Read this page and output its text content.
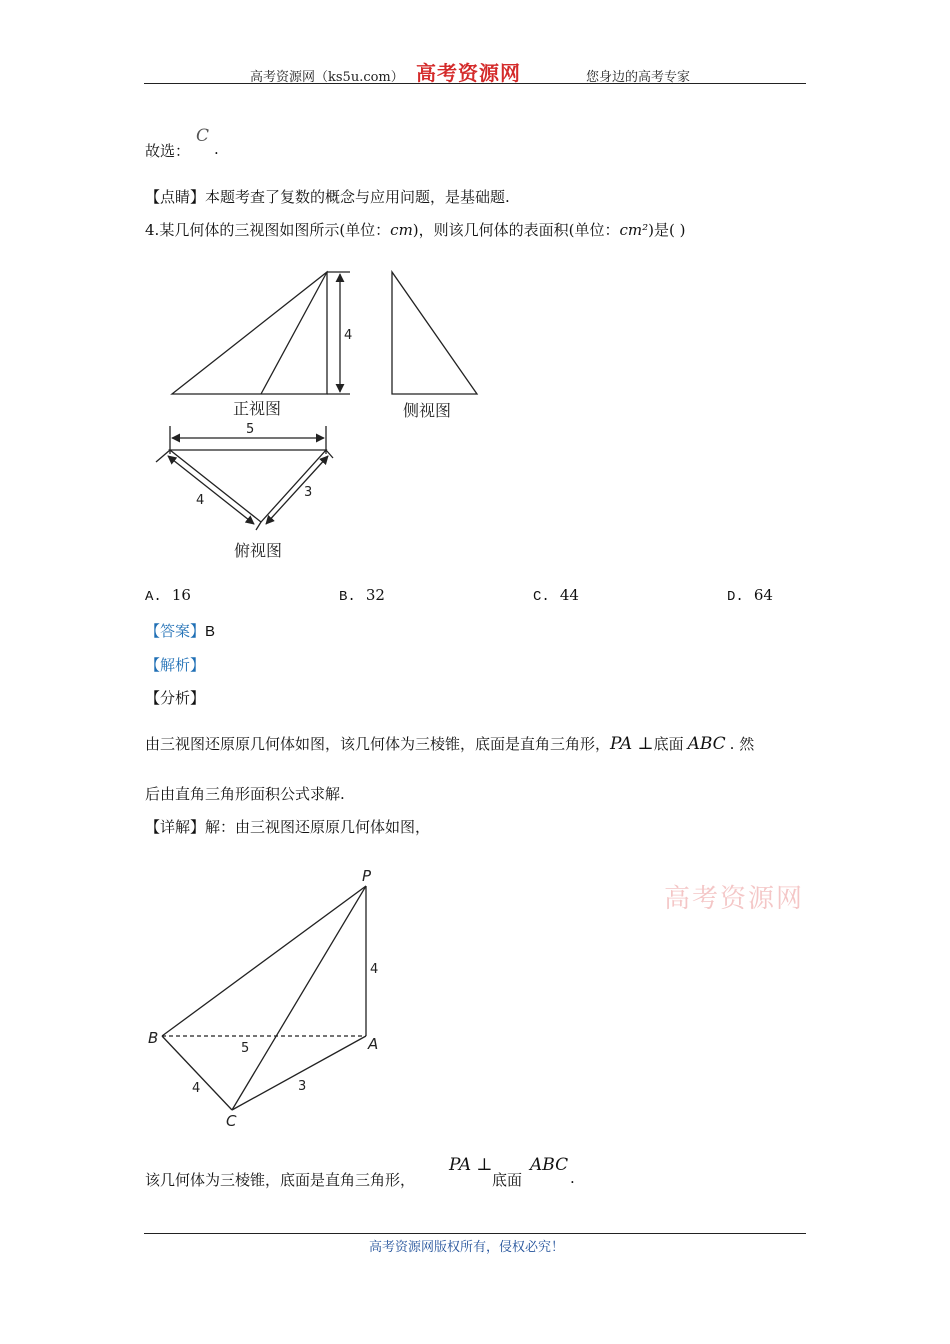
高考资源网（ks5u.com） 高考资源网	您身边的高考专家
故选：
C
.
【点睛】本题考查了复数的概念与应用问题，是基础题.
4.某几何体的三视图如图所示(单位：cm)，则该几何体的表面积(单位：cm²)是( )
4
正视图	侧视图
5
4
3
俯视图
A. 16	B. 32	C. 44	D. 64
【答案】B
【解析】
【分析】
由三视图还原原几何体如图，该几何体为三棱锥，底面是直角三角形，PA ⊥底面 ABC . 然
后由直角三角形面积公式求解.
【详解】解：由三视图还原原几何体如图，
P
A
B
C
4
5
4	3
高考资源网
该几何体为三棱锥，底面是直角三角形，
PA ⊥
底面
ABC
.
高考资源网版权所有，侵权必究！
